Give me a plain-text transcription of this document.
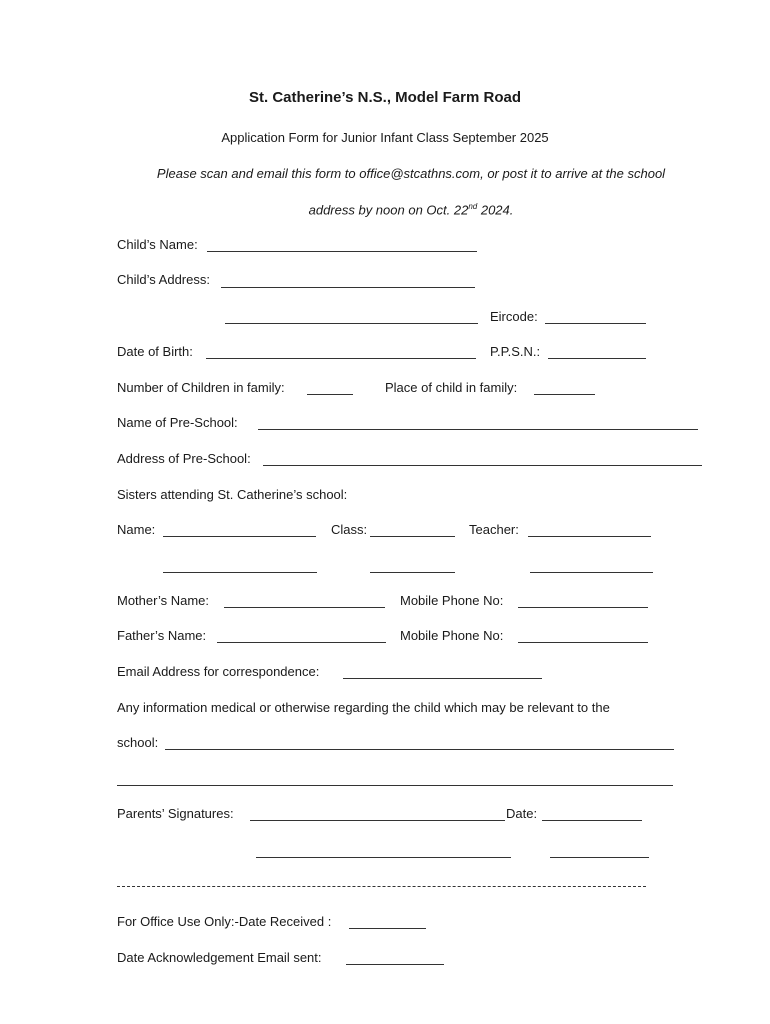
St. Catherine’s N.S., Model Farm Road
Application Form for Junior Infant Class September 2025
Please scan and email this form to office@stcathns.com, or post it to arrive at the school
address by noon on Oct. 22nd 2024.
Child’s Name:
Child’s Address:
Eircode:
Date of Birth:	P.P.S.N.:
Number of Children in family:	Place of child in family:
Name of Pre-School:
Address of Pre-School:
Sisters attending St. Catherine’s school:
Name:	Class:	Teacher:
Mother’s Name:	Mobile Phone No:
Father’s Name:	Mobile Phone No:
Email Address for correspondence:
Any information medical or otherwise regarding the child which may be relevant to the
school:
Parents’ Signatures:	Date:
For Office Use Only:-Date Received :
Date Acknowledgement Email sent:
